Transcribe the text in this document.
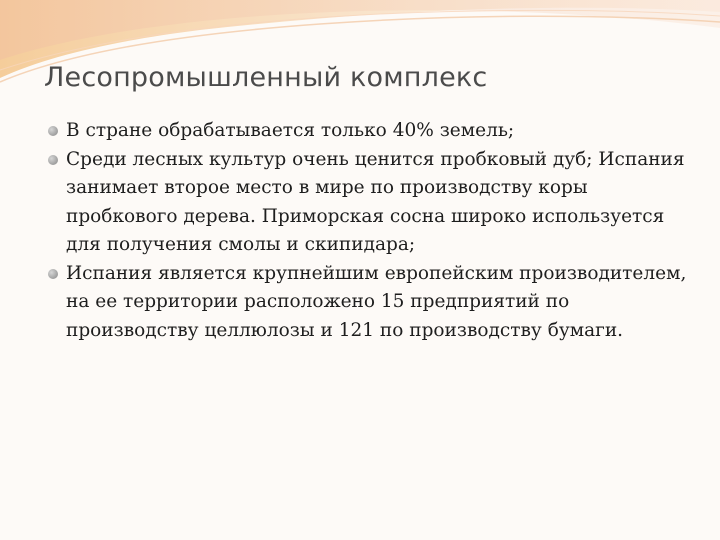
Лесопромышленный комплекс
В стране обрабатывается только 40% земель;
Среди лесных культур очень ценится пробковый дуб; Испания занимает второе место в мире по производству коры пробкового дерева. Приморская сосна широко используется для получения смолы и скипидара;
Испания является крупнейшим европейским производителем, на ее территории расположено 15 предприятий по производству целлюлозы и 121 по производству бумаги.
